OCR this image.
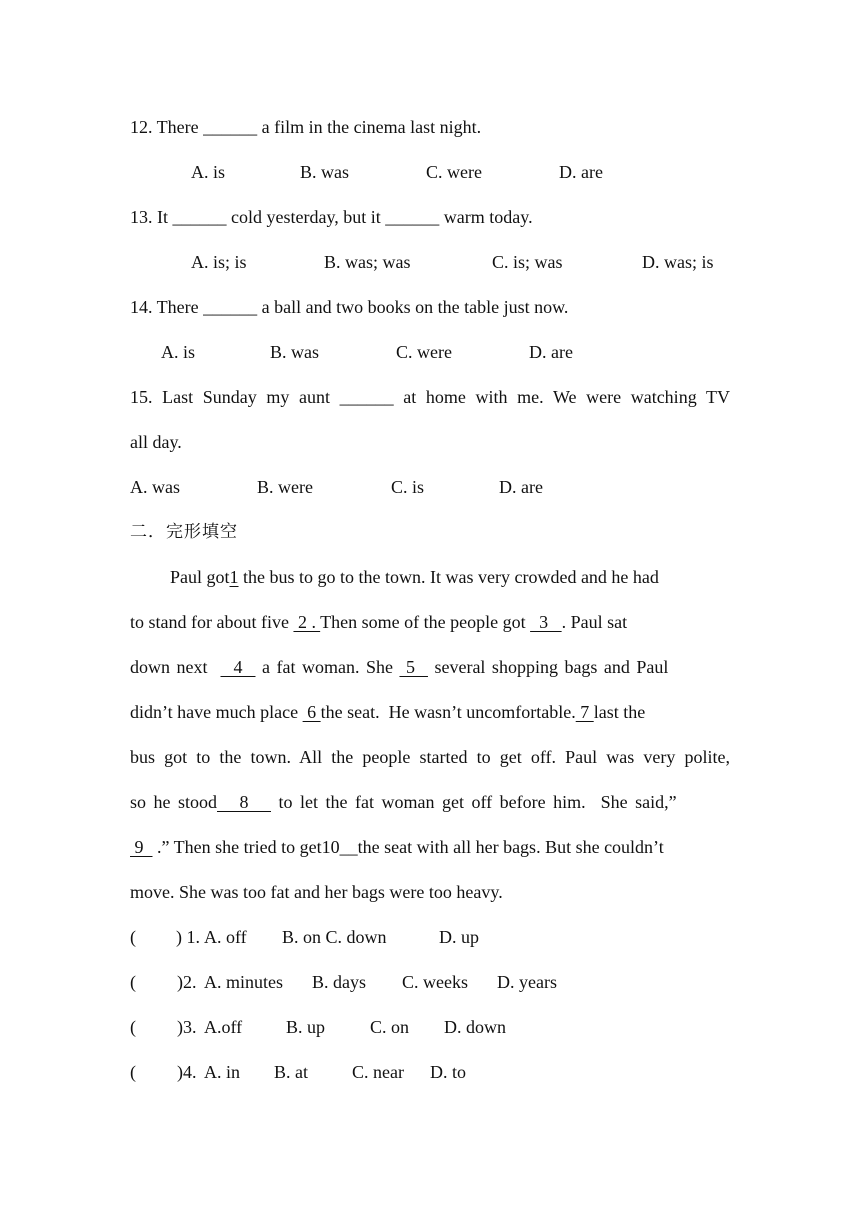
12. There ______ a film in the cinema last night.

A. is	B. was	C. were	D. are

13. It ______ cold yesterday, but it ______ warm today.

A. is; is	B. was; was	C. is; was	D. was; is

14. There ______ a ball and two books on the table just now.

A. is	B. was	C. were	D. are

15. Last Sunday my aunt ______ at home with me. We were watching TV

all day.

A. was	B. were	C. is	D. are

二．完形填空

Paul got1 the bus to go to the town. It was very crowded and he had

to stand for about five  2 . Then some of the people got   3   . Paul sat

down next    4   a fat woman. She  5   several shopping bags and Paul

didn’t have much place  6 the seat.  He wasn’t uncomfortable. 7 last the

bus got to the town. All the people started to get off. Paul was very polite,

so he stood   8    to let the fat woman get off before him.  She said,”

9   .” Then she tried to get10__the seat with all her bags. But she couldn’t

move. She was too fat and her bags were too heavy.

( ) 1. A. off B. on C. down	D. up
( )2. A. minutes B. days C. weeks D. years
( )3. A.off B. up C. on D. down
( )4. A. in B. at C. near D. to
